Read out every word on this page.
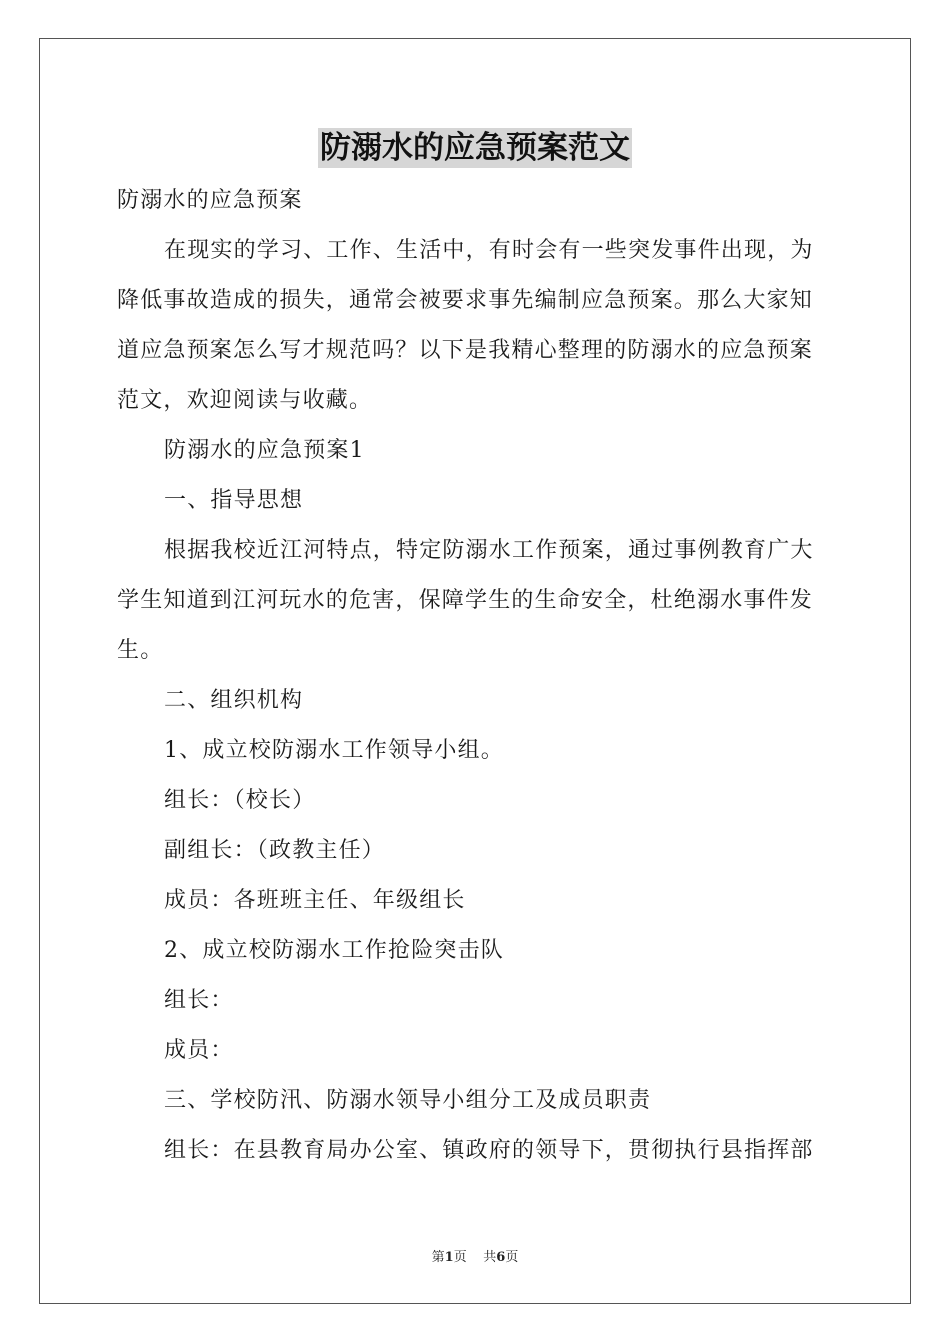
防溺水的应急预案范文

防溺水的应急预案

在现实的学习、工作、生活中，有时会有一些突发事件出现，为降低事故造成的损失，通常会被要求事先编制应急预案。那么大家知道应急预案怎么写才规范吗？以下是我精心整理的防溺水的应急预案范文，欢迎阅读与收藏。

防溺水的应急预案1

一、指导思想

根据我校近江河特点，特定防溺水工作预案，通过事例教育广大学生知道到江河玩水的危害，保障学生的生命安全，杜绝溺水事件发生。

二、组织机构

1、成立校防溺水工作领导小组。

组长：（校长）

副组长：（政教主任）

成员：各班班主任、年级组长

2、成立校防溺水工作抢险突击队

组长：

成员：

三、学校防汛、防溺水领导小组分工及成员职责

组长：在县教育局办公室、镇政府的领导下，贯彻执行县指挥部

第1页 共6页
